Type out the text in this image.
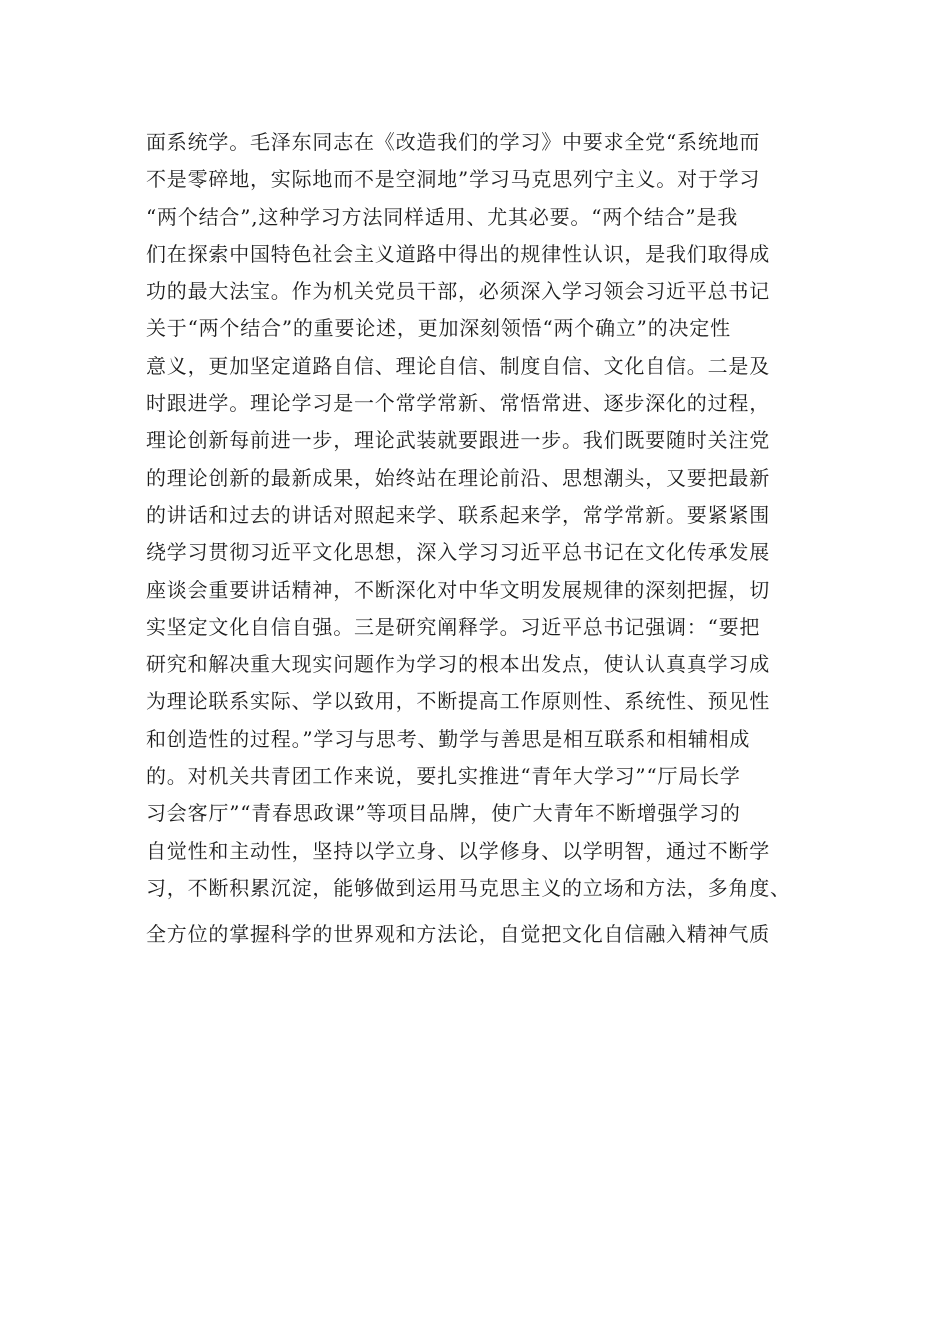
面系统学。毛泽东同志在《改造我们的学习》中要求全党“系统地而
不是零碎地，实际地而不是空洞地”学习马克思列宁主义。对于学习
“两个结合”,这种学习方法同样适用、尤其必要。“两个结合”是我
们在探索中国特色社会主义道路中得出的规律性认识，是我们取得成
功的最大法宝。作为机关党员干部，必须深入学习领会习近平总书记
关于“两个结合”的重要论述，更加深刻领悟“两个确立”的决定性
意义，更加坚定道路自信、理论自信、制度自信、文化自信。二是及
时跟进学。理论学习是一个常学常新、常悟常进、逐步深化的过程，
理论创新每前进一步，理论武装就要跟进一步。我们既要随时关注党
的理论创新的最新成果，始终站在理论前沿、思想潮头，又要把最新
的讲话和过去的讲话对照起来学、联系起来学，常学常新。要紧紧围
绕学习贯彻习近平文化思想，深入学习习近平总书记在文化传承发展
座谈会重要讲话精神，不断深化对中华文明发展规律的深刻把握，切
实坚定文化自信自强。三是研究阐释学。习近平总书记强调：“要把
研究和解决重大现实问题作为学习的根本出发点，使认认真真学习成
为理论联系实际、学以致用，不断提高工作原则性、系统性、预见性
和创造性的过程。”学习与思考、勤学与善思是相互联系和相辅相成
的。对机关共青团工作来说，要扎实推进“青年大学习”“厅局长学
习会客厅”“青春思政课”等项目品牌，使广大青年不断增强学习的
自觉性和主动性，坚持以学立身、以学修身、以学明智，通过不断学
习，不断积累沉淀，能够做到运用马克思主义的立场和方法，多角度、
全方位的掌握科学的世界观和方法论，自觉把文化自信融入精神气质
